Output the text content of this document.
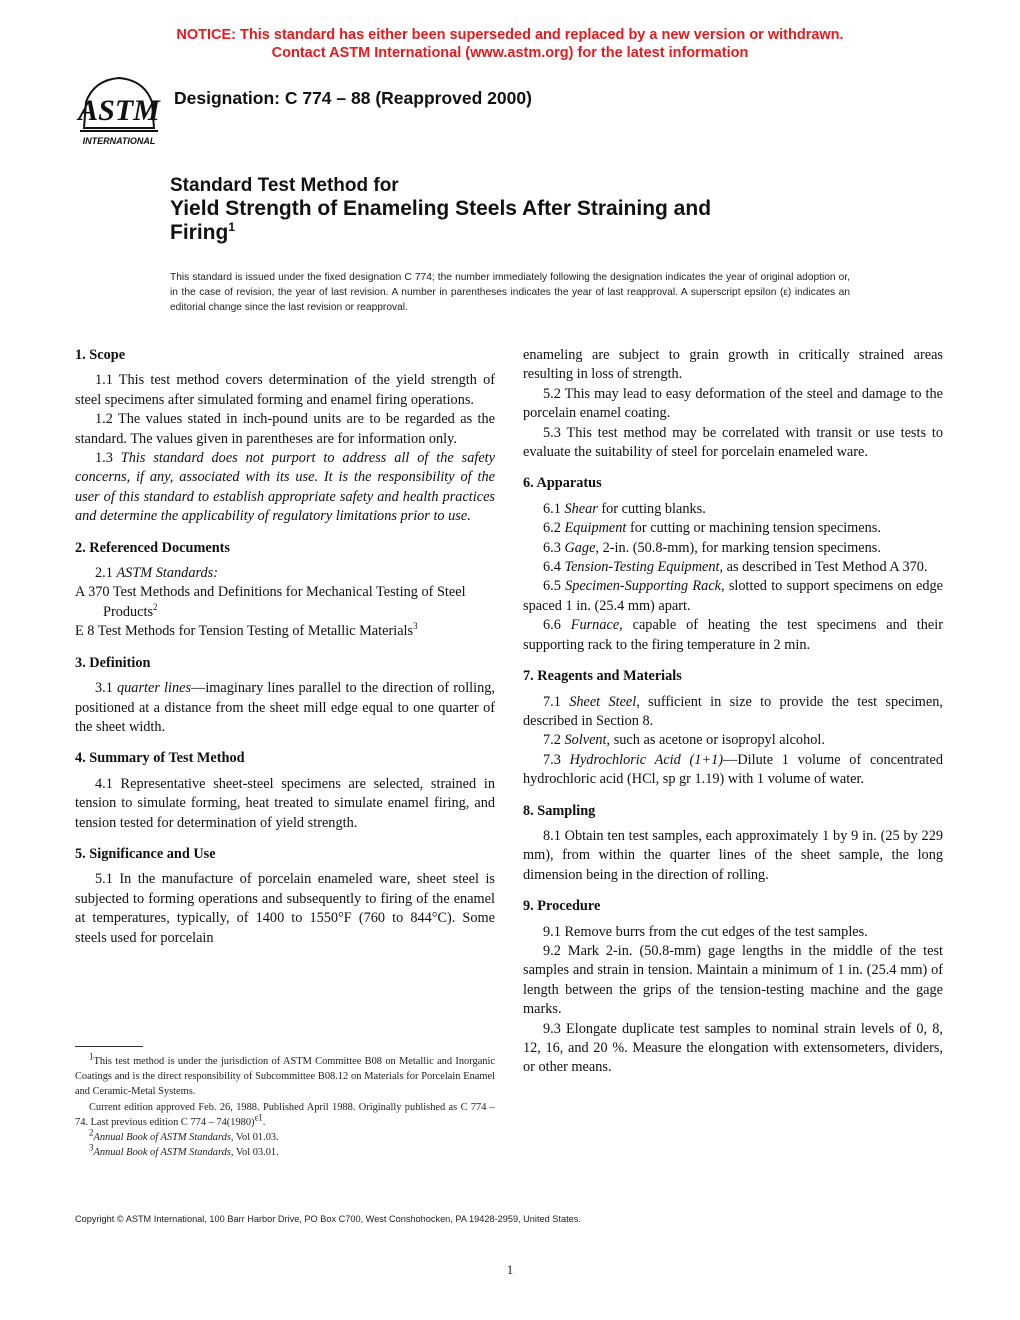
NOTICE: This standard has either been superseded and replaced by a new version or withdrawn.
Contact ASTM International (www.astm.org) for the latest information
ASTM
INTERNATIONAL
Designation: C 774 – 88 (Reapproved 2000)
Standard Test Method for
Yield Strength of Enameling Steels After Straining and
Firing$^1$
This standard is issued under the fixed designation C 774; the number immediately following the designation indicates the year of original adoption or, in the case of revision, the year of last revision. A number in parentheses indicates the year of last reapproval. A superscript epsilon (ε) indicates an editorial change since the last revision or reapproval.
1. Scope

1.1 This test method covers determination of the yield strength of steel specimens after simulated forming and enamel firing operations.

1.2 The values stated in inch-pound units are to be regarded as the standard. The values given in parentheses are for information only.

1.3 This standard does not purport to address all of the safety concerns, if any, associated with its use. It is the responsibility of the user of this standard to establish appropriate safety and health practices and determine the applicability of regulatory limitations prior to use.

2. Referenced Documents

2.1 ASTM Standards:

A 370 Test Methods and Definitions for Mechanical Testing of Steel Products$^2$

E 8 Test Methods for Tension Testing of Metallic Materials$^3$

3. Definition

3.1 quarter lines—imaginary lines parallel to the direction of rolling, positioned at a distance from the sheet mill edge equal to one quarter of the sheet width.

4. Summary of Test Method

4.1 Representative sheet-steel specimens are selected, strained in tension to simulate forming, heat treated to simulate enamel firing, and tension tested for determination of yield strength.

5. Significance and Use

5.1 In the manufacture of porcelain enameled ware, sheet steel is subjected to forming operations and subsequently to firing of the enamel at temperatures, typically, of 1400 to 1550°F (760 to 844°C). Some steels used for porcelain

enameling are subject to grain growth in critically strained areas resulting in loss of strength.

5.2 This may lead to easy deformation of the steel and damage to the porcelain enamel coating.

5.3 This test method may be correlated with transit or use tests to evaluate the suitability of steel for porcelain enameled ware.

6. Apparatus

6.1 Shear for cutting blanks.

6.2 Equipment for cutting or machining tension specimens.

6.3 Gage, 2-in. (50.8-mm), for marking tension specimens.

6.4 Tension-Testing Equipment, as described in Test Method A 370.

6.5 Specimen-Supporting Rack, slotted to support specimens on edge spaced 1 in. (25.4 mm) apart.

6.6 Furnace, capable of heating the test specimens and their supporting rack to the firing temperature in 2 min.

7. Reagents and Materials

7.1 Sheet Steel, sufficient in size to provide the test specimen, described in Section 8.

7.2 Solvent, such as acetone or isopropyl alcohol.

7.3 Hydrochloric Acid (1+1)—Dilute 1 volume of concentrated hydrochloric acid (HCl, sp gr 1.19) with 1 volume of water.

8. Sampling

8.1 Obtain ten test samples, each approximately 1 by 9 in. (25 by 229 mm), from within the quarter lines of the sheet sample, the long dimension being in the direction of rolling.

9. Procedure

9.1 Remove burrs from the cut edges of the test samples.

9.2 Mark 2-in. (50.8-mm) gage lengths in the middle of the test samples and strain in tension. Maintain a minimum of 1 in. (25.4 mm) of length between the grips of the tension-testing machine and the gage marks.

9.3 Elongate duplicate test samples to nominal strain levels of 0, 8, 12, 16, and 20 %. Measure the elongation with extensometers, dividers, or other means.

$^1$This test method is under the jurisdiction of ASTM Committee B08 on Metallic and Inorganic Coatings and is the direct responsibility of Subcommittee B08.12 on Materials for Porcelain Enamel and Ceramic-Metal Systems.

Current edition approved Feb. 26, 1988. Published April 1988. Originally published as C 774 – 74. Last previous edition C $774 - 74(1980)^{\varepsilon 1}$.

$^2$Annual Book of ASTM Standards, Vol 01.03.

$^3$Annual Book of ASTM Standards, Vol 03.01.

Copyright © ASTM International, 100 Barr Harbor Drive, PO Box C700, West Conshohocken, PA 19428-2959, United States.
1
